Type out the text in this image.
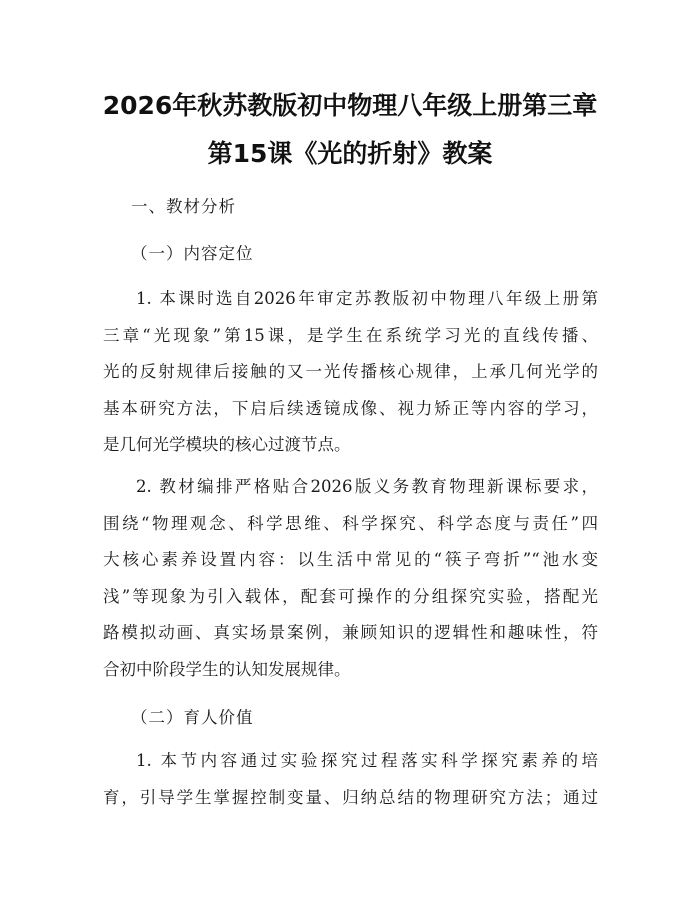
2026年秋苏教版初中物理八年级上册第三章
第15课《光的折射》教案
一、教材分析
（一）内容定位
1. 本课时选自2026年审定苏教版初中物理八年级上册第
三章“光现象”第15课，是学生在系统学习光的直线传播、
光的反射规律后接触的又一光传播核心规律，上承几何光学的
基本研究方法，下启后续透镜成像、视力矫正等内容的学习，
是几何光学模块的核心过渡节点。
2. 教材编排严格贴合2026版义务教育物理新课标要求，
围绕“物理观念、科学思维、科学探究、科学态度与责任”四
大核心素养设置内容：以生活中常见的“筷子弯折”“池水变
浅”等现象为引入载体，配套可操作的分组探究实验，搭配光
路模拟动画、真实场景案例，兼顾知识的逻辑性和趣味性，符
合初中阶段学生的认知发展规律。
（二）育人价值
1. 本节内容通过实验探究过程落实科学探究素养的培
育，引导学生掌握控制变量、归纳总结的物理研究方法；通过
